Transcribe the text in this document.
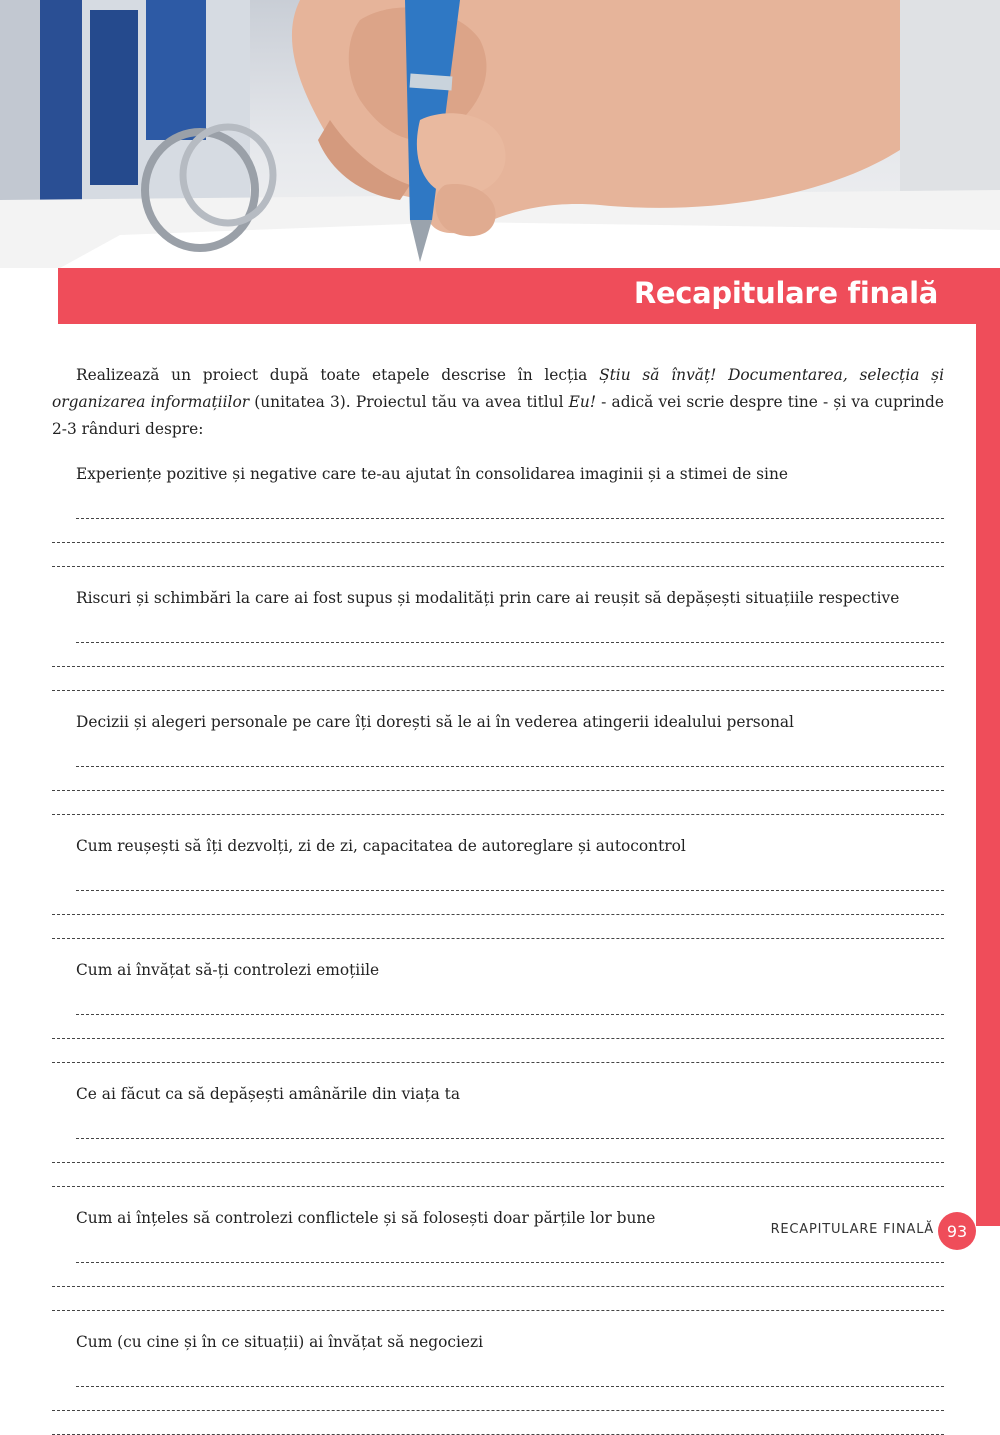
Recapitulare finală

Realizează un proiect după toate etapele descrise în lecția Știu să învăț! Documentarea, selecția și organizarea informațiilor (unitatea 3). Proiectul tău va avea titlul Eu! - adică vei scrie despre tine - și va cuprinde 2-3 rânduri despre:

Experiențe pozitive și negative care te-au ajutat în consolidarea imaginii și a stimei de sine

Riscuri și schimbări la care ai fost supus și modalități prin care ai reușit să depășești situațiile respective

Decizii și alegeri personale pe care îți dorești să le ai în vederea atingerii idealului personal

Cum reușești să îți dezvolți, zi de zi, capacitatea de autoreglare și autocontrol

Cum ai învățat să-ți controlezi emoțiile

Ce ai făcut ca să depășești amânările din viața ta

Cum ai înțeles să controlezi conflictele și să folosești doar părțile lor bune

Cum (cu cine și în ce situații) ai învățat să negociezi

RECAPITULARE FINALĂ 93
